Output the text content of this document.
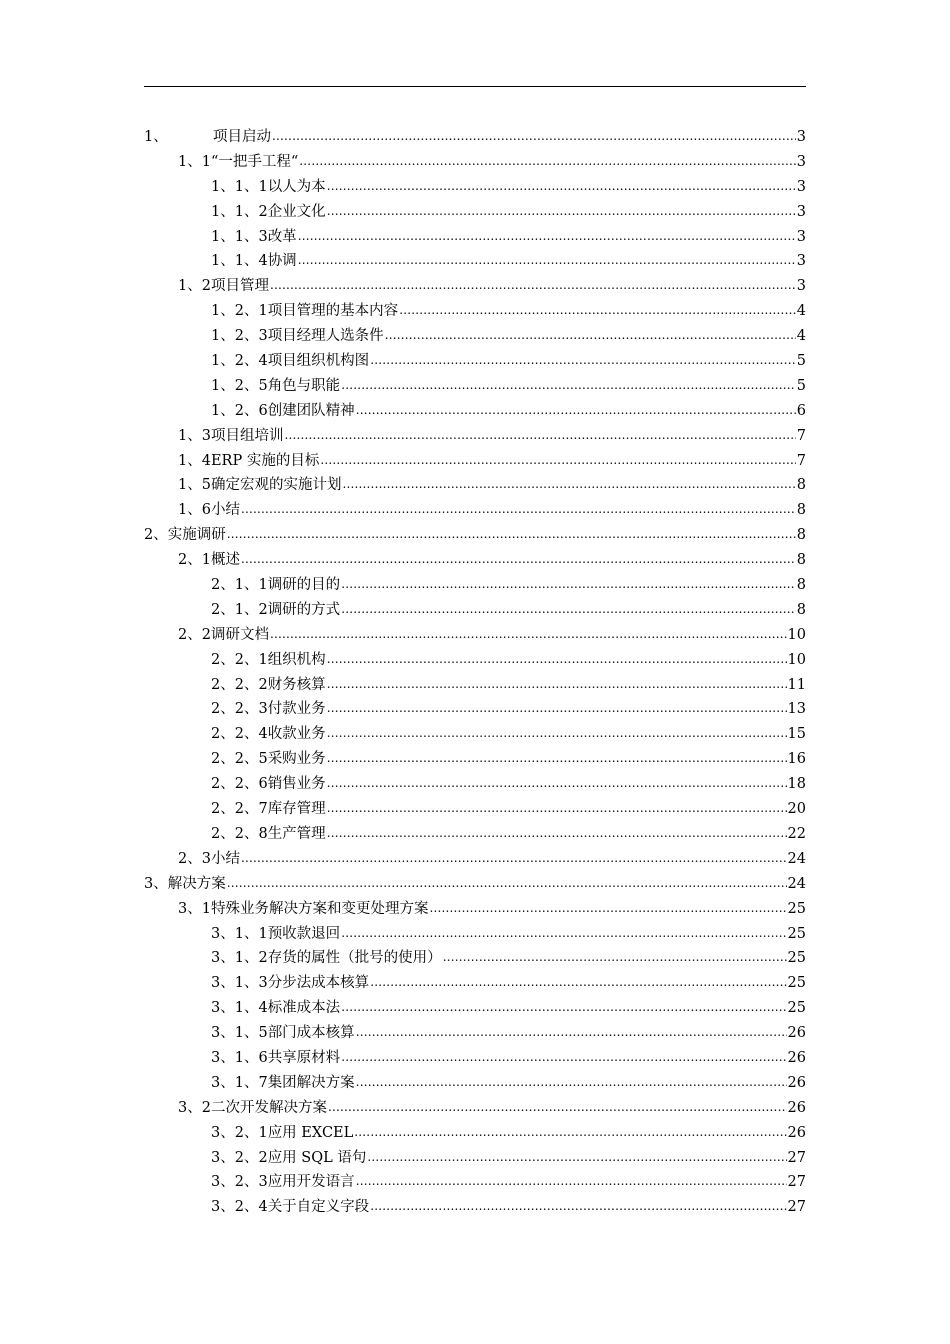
1、	项目启动 .....	3
1、1 “一把手工程“ .....	3
1、1、1 以人为本 .....	3
1、1、2 企业文化 .....	3
1、1、3 改革 .....	3
1、1、4 协调 .....	3
1、2 项目管理 .....	3
1、2、1 项目管理的基本内容 .....	4
1、2、3 项目经理人选条件 .....	4
1、2、4 项目组织机构图 .....	5
1、2、5 角色与职能 .....	5
1、2、6 创建团队精神 .....	6
1、3 项目组培训 .....	7
1、4 ERP 实施的目标 .....	7
1、5 确定宏观的实施计划 .....	8
1、6 小结 .....	8
2、 实施调研 .....	8
2、1 概述 .....	8
2、1、1 调研的目的 .....	8
2、1、2 调研的方式 .....	8
2、2 调研文档 .....	10
2、2、1 组织机构 .....	10
2、2、2 财务核算 .....	11
2、2、3 付款业务 .....	13
2、2、4 收款业务 .....	15
2、2、5 采购业务 .....	16
2、2、6 销售业务 .....	18
2、2、7 库存管理 .....	20
2、2、8 生产管理 .....	22
2、3 小结 .....	24
3、 解决方案 .....	24
3、1 特殊业务解决方案和变更处理方案 .....	25
3、1、1 预收款退回 .....	25
3、1、2 存货的属性（批号的使用） .....	25
3、1、3 分步法成本核算 .....	25
3、1、4 标准成本法 .....	25
3、1、5 部门成本核算 .....	26
3、1、6 共享原材料 .....	26
3、1、7 集团解决方案 .....	26
3、2 二次开发解决方案 .....	26
3、2、1 应用 EXCEL .....	26
3、2、2 应用 SQL 语句 .....	27
3、2、3 应用开发语言 .....	27
3、2、4 关于自定义字段 .....	27
